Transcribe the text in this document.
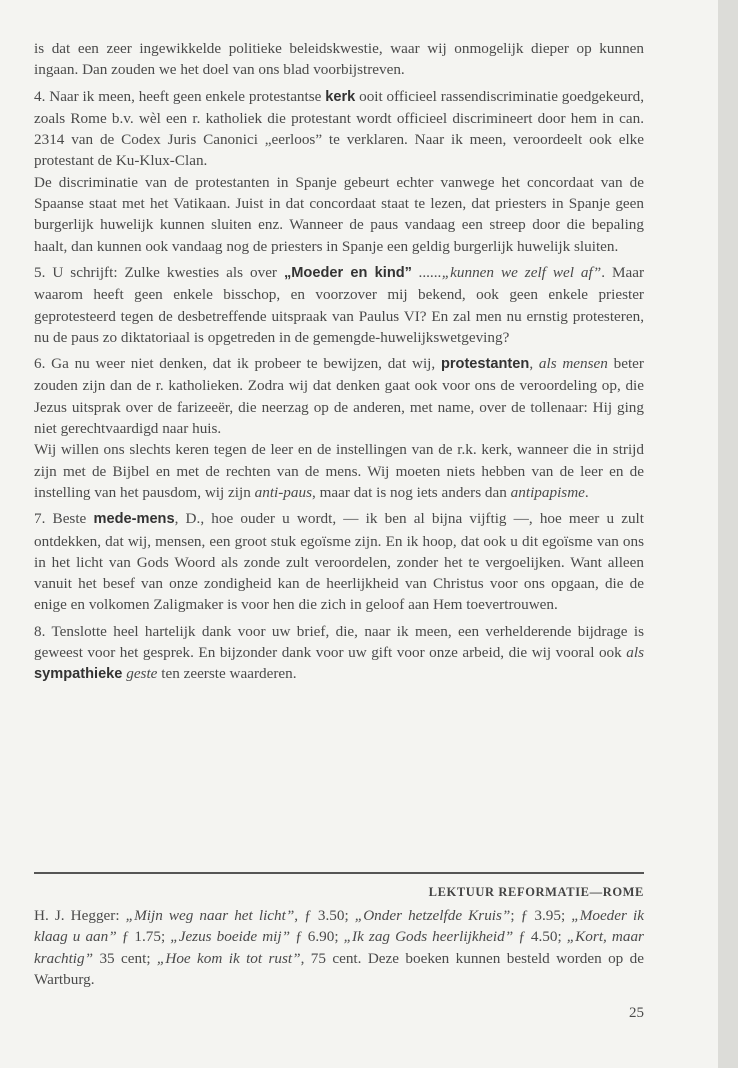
is dat een zeer ingewikkelde politieke beleidskwestie, waar wij onmogelijk dieper op kunnen ingaan. Dan zouden we het doel van ons blad voorbijstreven.

4. Naar ik meen, heeft geen enkele protestantse kerk ooit officieel rassendiscriminatie goedgekeurd, zoals Rome b.v. wèl een r. katholiek die protestant wordt officieel discrimineert door hem in can. 2314 van de Codex Juris Canonici „eerloos” te verklaren. Naar ik meen, veroordeelt ook elke protestant de Ku-Klux-Clan.

De discriminatie van de protestanten in Spanje gebeurt echter vanwege het concordaat van de Spaanse staat met het Vatikaan. Juist in dat concordaat staat te lezen, dat priesters in Spanje geen burgerlijk huwelijk kunnen sluiten enz. Wanneer de paus vandaag een streep door die bepaling haalt, dan kunnen ook vandaag nog de priesters in Spanje een geldig burgerlijk huwelijk sluiten.

5. U schrijft: Zulke kwesties als over „Moeder en kind” ......„kunnen we zelf wel af”. Maar waarom heeft geen enkele bisschop, en voorzover mij bekend, ook geen enkele priester geprotesteerd tegen de desbetreffende uitspraak van Paulus VI? En zal men nu ernstig protesteren, nu de paus zo diktatoriaal is opgetreden in de gemengde-huwelijkswetgeving?

6. Ga nu weer niet denken, dat ik probeer te bewijzen, dat wij, protestanten, als mensen beter zouden zijn dan de r. katholieken. Zodra wij dat denken gaat ook voor ons de veroordeling op, die Jezus uitsprak over de farizeeër, die neerzag op de anderen, met name, over de tollenaar: Hij ging niet gerechtvaardigd naar huis.

Wij willen ons slechts keren tegen de leer en de instellingen van de r.k. kerk, wanneer die in strijd zijn met de Bijbel en met de rechten van de mens. Wij moeten niets hebben van de leer en de instelling van het pausdom, wij zijn anti-paus, maar dat is nog iets anders dan antipapisme.

7. Beste mede-mens, D., hoe ouder u wordt, — ik ben al bijna vijftig —, hoe meer u zult ontdekken, dat wij, mensen, een groot stuk egoïsme zijn. En ik hoop, dat ook u dit egoïsme van ons in het licht van Gods Woord als zonde zult veroordelen, zonder het te vergoelijken. Want alleen vanuit het besef van onze zondigheid kan de heerlijkheid van Christus voor ons opgaan, die de enige en volkomen Zaligmaker is voor hen die zich in geloof aan Hem toevertrouwen.

8. Tenslotte heel hartelijk dank voor uw brief, die, naar ik meen, een verhelderende bijdrage is geweest voor het gesprek. En bijzonder dank voor uw gift voor onze arbeid, die wij vooral ook als sympathieke geste ten zeerste waarderen.

LEKTUUR REFORMATIE—ROME
H. J. Hegger: „Mijn weg naar het licht”, ƒ 3.50; „Onder hetzelfde Kruis”; ƒ 3.95; „Moeder ik klaag u aan” ƒ 1.75; „Jezus boeide mij” ƒ 6.90; „Ik zag Gods heerlijkheid” ƒ 4.50; „Kort, maar krachtig” 35 cent; „Hoe kom ik tot rust”, 75 cent. Deze boeken kunnen besteld worden op de Wartburg.
25
